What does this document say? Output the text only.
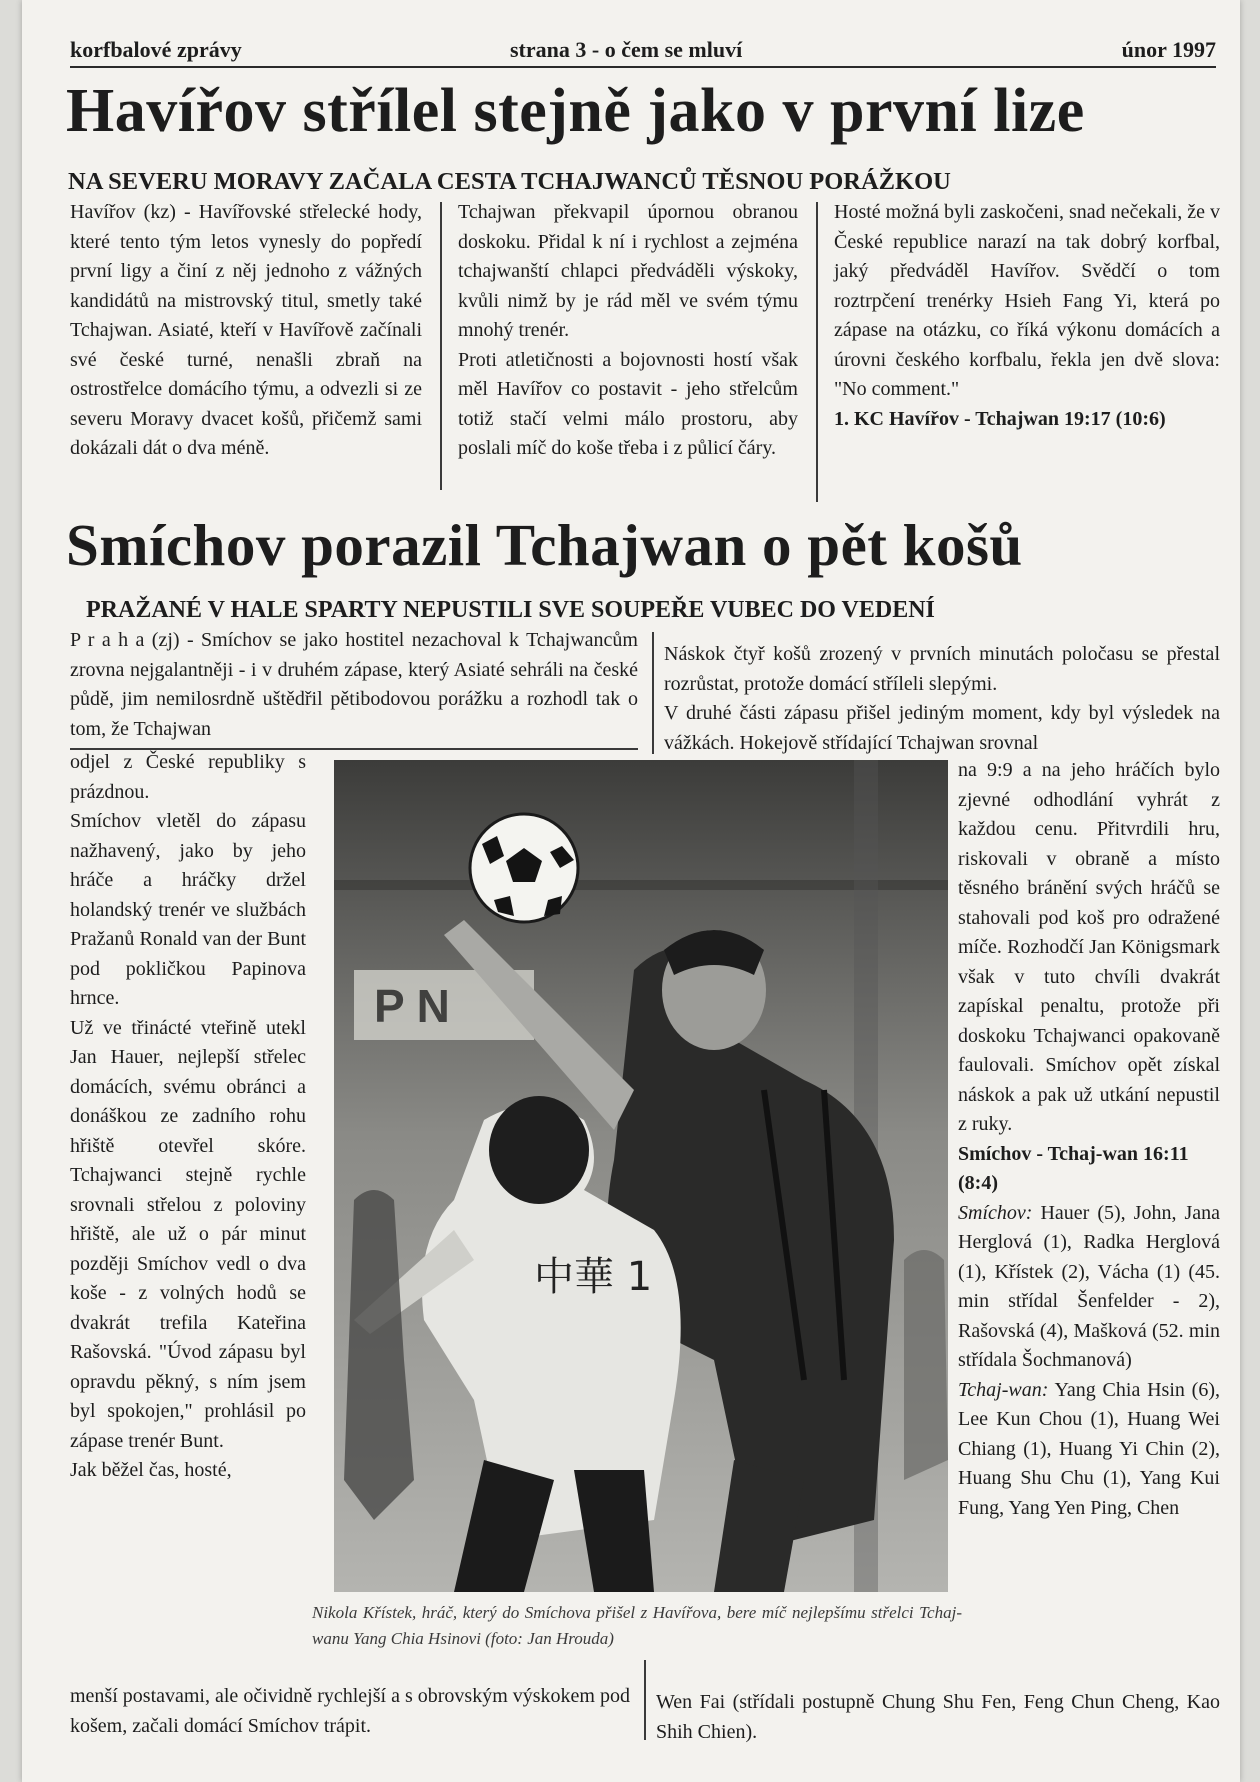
korfbalové zprávy	strana 3 - o čem se mluví	únor 1997
Havířov střílel stejně jako v první lize
NA SEVERU MORAVY ZAČALA CESTA TCHAJWANCŮ TĚSNOU PORÁŽKOU

Havířov (kz) - Havířovské střelecké hody, které tento tým letos vynesly do popředí první ligy a činí z něj jednoho z vážných kandidátů na mistrovský titul, smetly také Tchajwan. Asiaté, kteří v Havířově začínali své české turné, nenašli zbraň na ostrostřelce domácího týmu, a odvezli si ze severu Moravy dvacet košů, přičemž sami dokázali dát o dva méně.

Tchajwan překvapil úpornou obranou doskoku. Přidal k ní i rychlost a zejména tchajwanští chlapci předváděli výskoky, kvůli nimž by je rád měl ve svém týmu mnohý trenér.

Proti atletičnosti a bojovnosti hostí však měl Havířov co postavit - jeho střelcům totiž stačí velmi málo prostoru, aby poslali míč do koše třeba i z půlicí čáry.

Hosté možná byli zaskočeni, snad nečekali, že v České republice narazí na tak dobrý korfbal, jaký předváděl Havířov. Svědčí o tom roztrpčení trenérky Hsieh Fang Yi, která po zápase na otázku, co říká výkonu domácích a úrovni českého korfbalu, řekla jen dvě slova: "No comment."

1. KC Havířov - Tchajwan 19:17 (10:6)

Smíchov porazil Tchajwan o pět košů
PRAŽANÉ V HALE SPARTY NEPUSTILI SVE SOUPEŘE VUBEC DO VEDENÍ

P r a h a (zj) - Smíchov se jako hostitel nezachoval k Tchajwancům zrovna nejgalantněji - i v druhém zápase, který Asiaté sehráli na české půdě, jim nemilosrdně uštědřil pětibodovou porážku a rozhodl tak o tom, že Tchajwan

Náskok čtyř košů zrozený v prvních minutách poločasu se přestal rozrůstat, protože domácí stříleli slepými.

V druhé části zápasu přišel jediným moment, kdy byl výsledek na vážkách. Hokejově střídající Tchajwan srovnal

odjel z České republiky s prázdnou.

Smíchov vletěl do zápasu nažhavený, jako by jeho hráče a hráčky držel holandský trenér ve službách Pražanů Ronald van der Bunt pod pokličkou Papinova hrnce.

Už ve třinácté vteřině utekl Jan Hauer, nejlepší střelec domácích, svému obránci a donáškou ze zadního rohu hřiště otevřel skóre. Tchajwanci stejně rychle srovnali střelou z poloviny hřiště, ale už o pár minut později Smíchov vedl o dva koše - z volných hodů se dvakrát trefila Kateřina Rašovská. "Úvod zápasu byl opravdu pěkný, s ním jsem byl spokojen," prohlásil po zápase trenér Bunt.

Jak běžel čas, hosté,

P N
中華 1
Nikola Křístek, hráč, který do Smíchova přišel z Havířova, bere míč nejlepšímu střelci Tchaj-wanu Yang Chia Hsinovi (foto: Jan Hrouda)

na 9:9 a na jeho hráčích bylo zjevné odhodlání vyhrát z každou cenu. Přitvrdili hru, riskovali v obraně a místo těsného bránění svých hráčů se stahovali pod koš pro odražené míče. Rozhodčí Jan Königsmark však v tuto chvíli dvakrát zapískal penaltu, protože při doskoku Tchajwanci opakovaně faulovali. Smíchov opět získal náskok a pak už utkání nepustil z ruky.

Smíchov - Tchaj-wan 16:11 (8:4)

Smíchov: Hauer (5), John, Jana Herglová (1), Radka Herglová (1), Křístek (2), Vácha (1) (45. min střídal Šenfelder - 2), Rašovská (4), Mašková (52. min střídala Šochmanová)

Tchaj-wan: Yang Chia Hsin (6), Lee Kun Chou (1), Huang Wei Chiang (1), Huang Yi Chin (2), Huang Shu Chu (1), Yang Kui Fung, Yang Yen Ping, Chen

menší postavami, ale očividně rychlejší a s obrovským výskokem pod košem, začali domácí Smíchov trápit.

Wen Fai (střídali postupně Chung Shu Fen, Feng Chun Cheng, Kao Shih Chien).
